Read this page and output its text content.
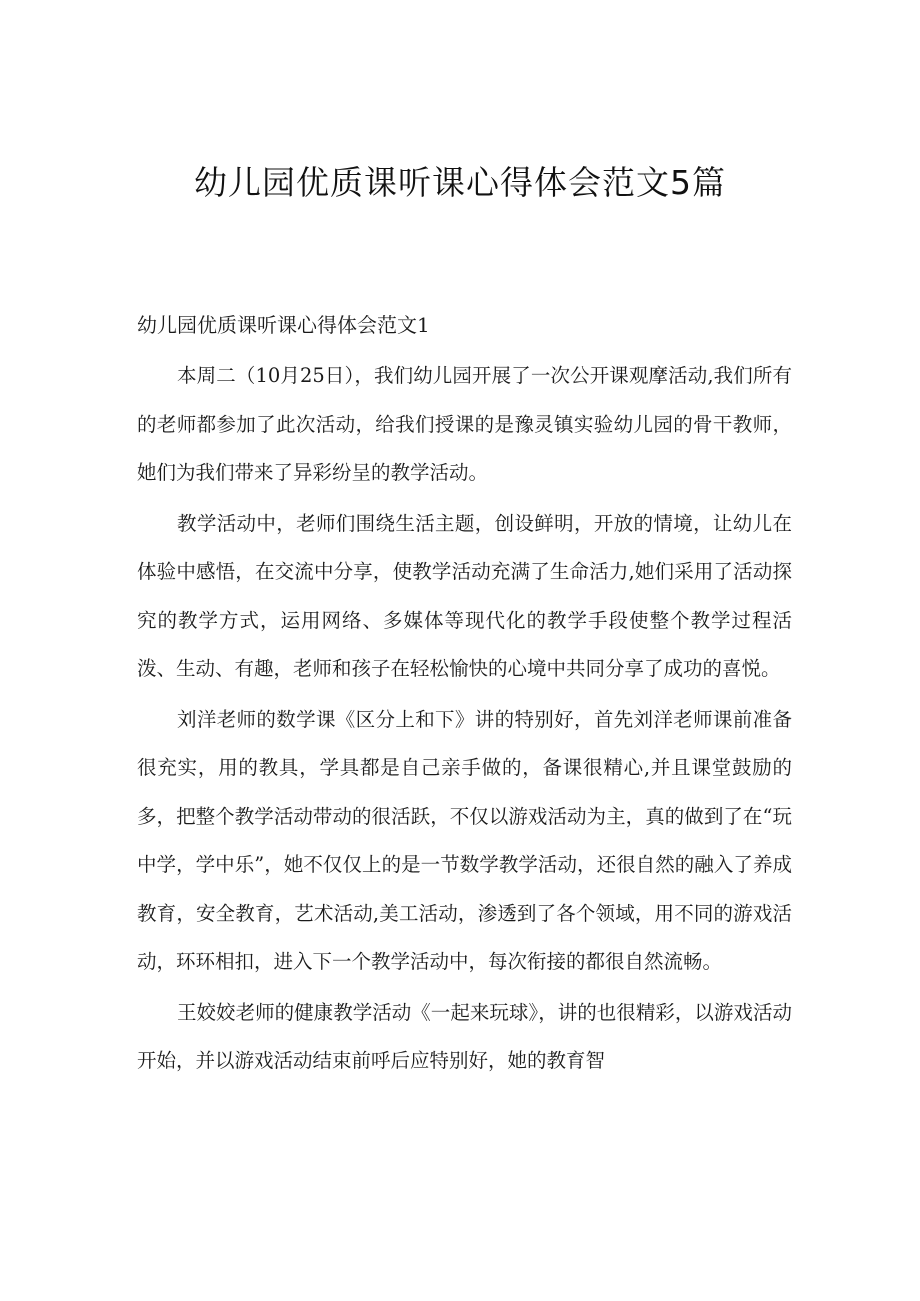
幼儿园优质课听课心得体会范文5篇
幼儿园优质课听课心得体会范文1

本周二（10月25日），我们幼儿园开展了一次公开课观摩活动,我们所有的老师都参加了此次活动，给我们授课的是豫灵镇实验幼儿园的骨干教师，她们为我们带来了异彩纷呈的教学活动。

教学活动中，老师们围绕生活主题，创设鲜明，开放的情境，让幼儿在体验中感悟，在交流中分享，使教学活动充满了生命活力,她们采用了活动探究的教学方式，运用网络、多媒体等现代化的教学手段使整个教学过程活泼、生动、有趣，老师和孩子在轻松愉快的心境中共同分享了成功的喜悦。

刘洋老师的数学课《区分上和下》讲的特别好，首先刘洋老师课前准备很充实，用的教具，学具都是自己亲手做的，备课很精心,并且课堂鼓励的多，把整个教学活动带动的很活跃，不仅以游戏活动为主，真的做到了在“玩中学，学中乐”，她不仅仅上的是一节数学教学活动，还很自然的融入了养成教育，安全教育，艺术活动,美工活动，渗透到了各个领域，用不同的游戏活动，环环相扣，进入下一个教学活动中，每次衔接的都很自然流畅。

王姣姣老师的健康教学活动《一起来玩球》，讲的也很精彩，以游戏活动开始，并以游戏活动结束前呼后应特别好，她的教育智
